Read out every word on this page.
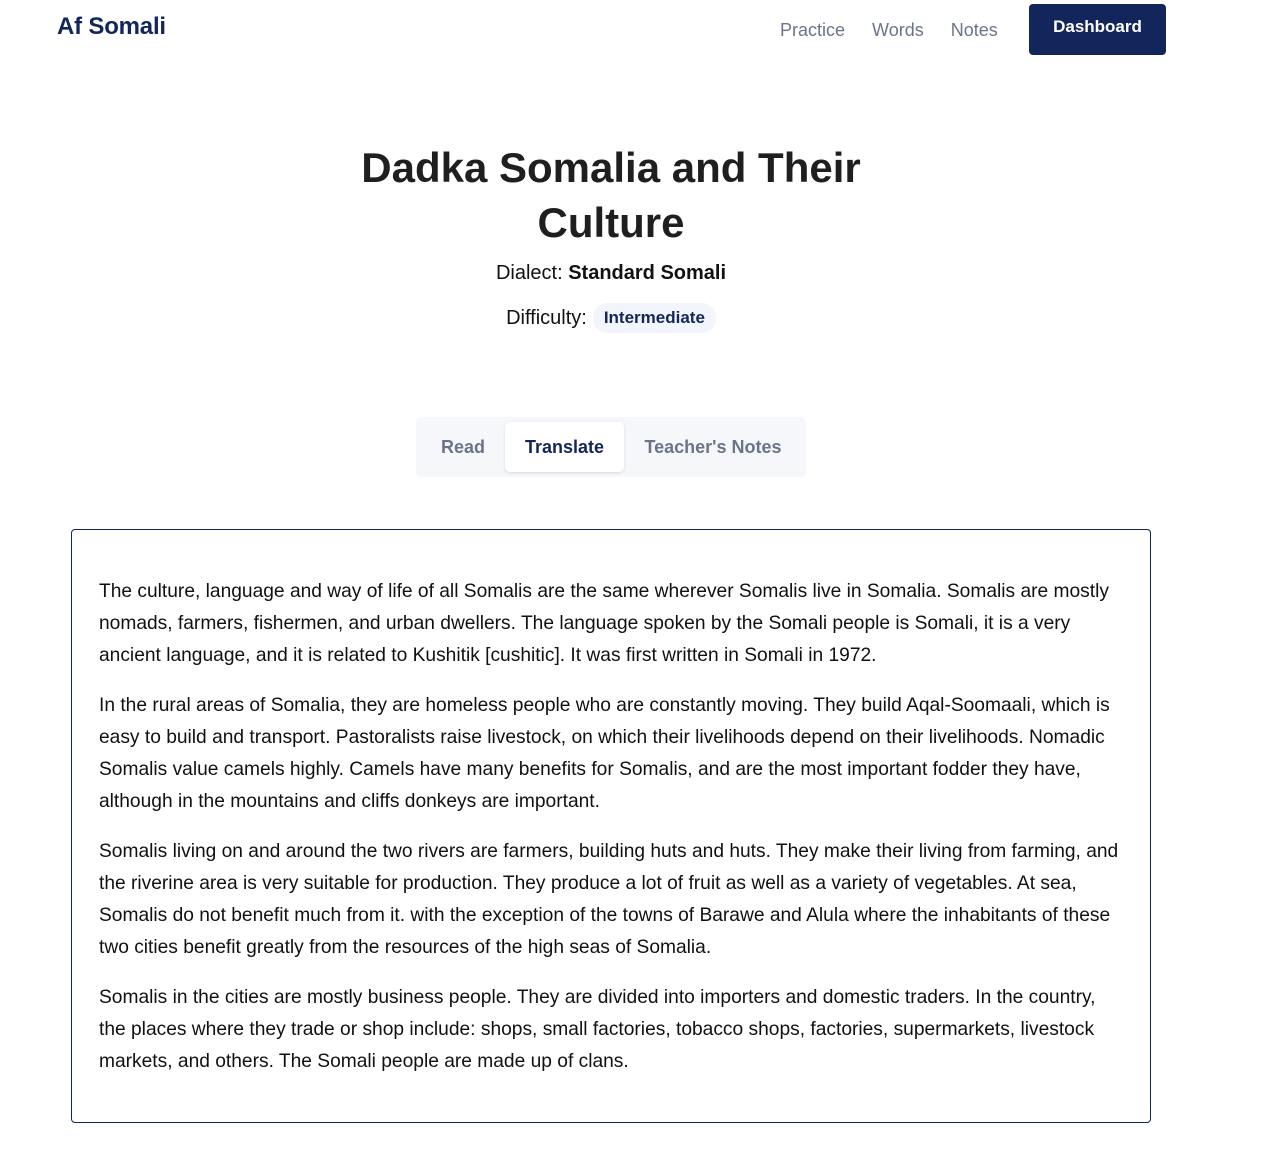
Af Somali	Practice Words Notes	Dashboard
Dadka Somalia and Their Culture
Dialect: Standard Somali
Difficulty:	Intermediate
Read	Translate	Teacher's Notes

The culture, language and way of life of all Somalis are the same wherever Somalis live in Somalia. Somalis are mostly nomads, farmers, fishermen, and urban dwellers. The language spoken by the Somali people is Somali, it is a very ancient language, and it is related to Kushitik [cushitic]. It was first written in Somali in 1972.

In the rural areas of Somalia, they are homeless people who are constantly moving. They build Aqal-Soomaali, which is easy to build and transport. Pastoralists raise livestock, on which their livelihoods depend on their livelihoods. Nomadic Somalis value camels highly. Camels have many benefits for Somalis, and are the most important fodder they have, although in the mountains and cliffs donkeys are important.

Somalis living on and around the two rivers are farmers, building huts and huts. They make their living from farming, and the riverine area is very suitable for production. They produce a lot of fruit as well as a variety of vegetables. At sea, Somalis do not benefit much from it. with the exception of the towns of Barawe and Alula where the inhabitants of these two cities benefit greatly from the resources of the high seas of Somalia.

Somalis in the cities are mostly business people. They are divided into importers and domestic traders. In the country, the places where they trade or shop include: shops, small factories, tobacco shops, factories, supermarkets, livestock markets, and others. The Somali people are made up of clans.
